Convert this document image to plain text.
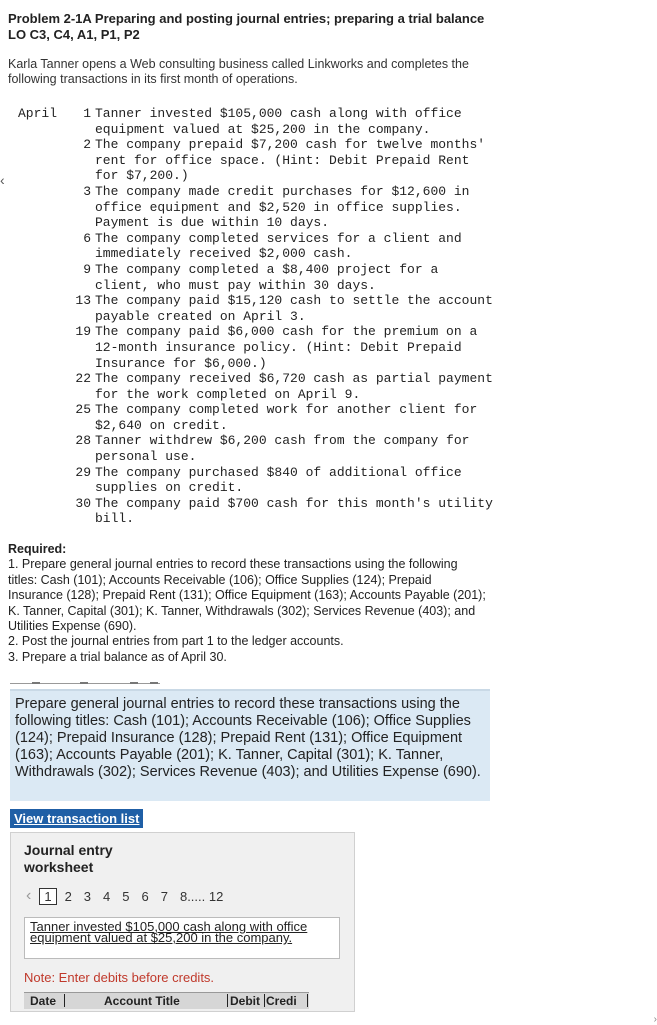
Problem 2-1A Preparing and posting journal entries; preparing a trial balance
LO C3, C4, A1, P1, P2
Karla Tanner opens a Web consulting business called Linkworks and completes the following transactions in its first month of operations.
‹
April	1 Tanner invested $105,000 cash along with office equipment valued at $25,200 in the company.
2 The company prepaid $7,200 cash for twelve months' rent for office space. (Hint: Debit Prepaid Rent for $7,200.)
3 The company made credit purchases for $12,600 in office equipment and $2,520 in office supplies. Payment is due within 10 days.
6 The company completed services for a client and immediately received $2,000 cash.
9 The company completed a $8,400 project for a client, who must pay within 30 days.
13 The company paid $15,120 cash to settle the account payable created on April 3.
19 The company paid $6,000 cash for the premium on a 12-month insurance policy. (Hint: Debit Prepaid Insurance for $6,000.)
22 The company received $6,720 cash as partial payment for the work completed on April 9.
25 The company completed work for another client for $2,640 on credit.
28 Tanner withdrew $6,200 cash from the company for personal use.
29 The company purchased $840 of additional office supplies on credit.
30 The company paid $700 cash for this month's utility bill.
Required:
1. Prepare general journal entries to record these transactions using the following titles: Cash (101); Accounts Receivable (106); Office Supplies (124); Prepaid Insurance (128); Prepaid Rent (131); Office Equipment (163); Accounts Payable (201); K. Tanner, Capital (301); K. Tanner, Withdrawals (302); Services Revenue (403); and Utilities Expense (690).
2. Post the journal entries from part 1 to the ledger accounts.
3. Prepare a trial balance as of April 30.
Prepare general journal entries to record these transactions using the following titles: Cash (101); Accounts Receivable (106); Office Supplies (124); Prepaid Insurance (128); Prepaid Rent (131); Office Equipment (163); Accounts Payable (201); K. Tanner, Capital (301); K. Tanner, Withdrawals (302); Services Revenue (403); and Utilities Expense (690).
View transaction list
Journal entry worksheet
‹	1	2 3 4 5 6 7 8..... 12
Tanner invested $105,000 cash along with office equipment valued at $25,200 in the company.
Note: Enter debits before credits.
Date	Account Title	Debit Credi
›
